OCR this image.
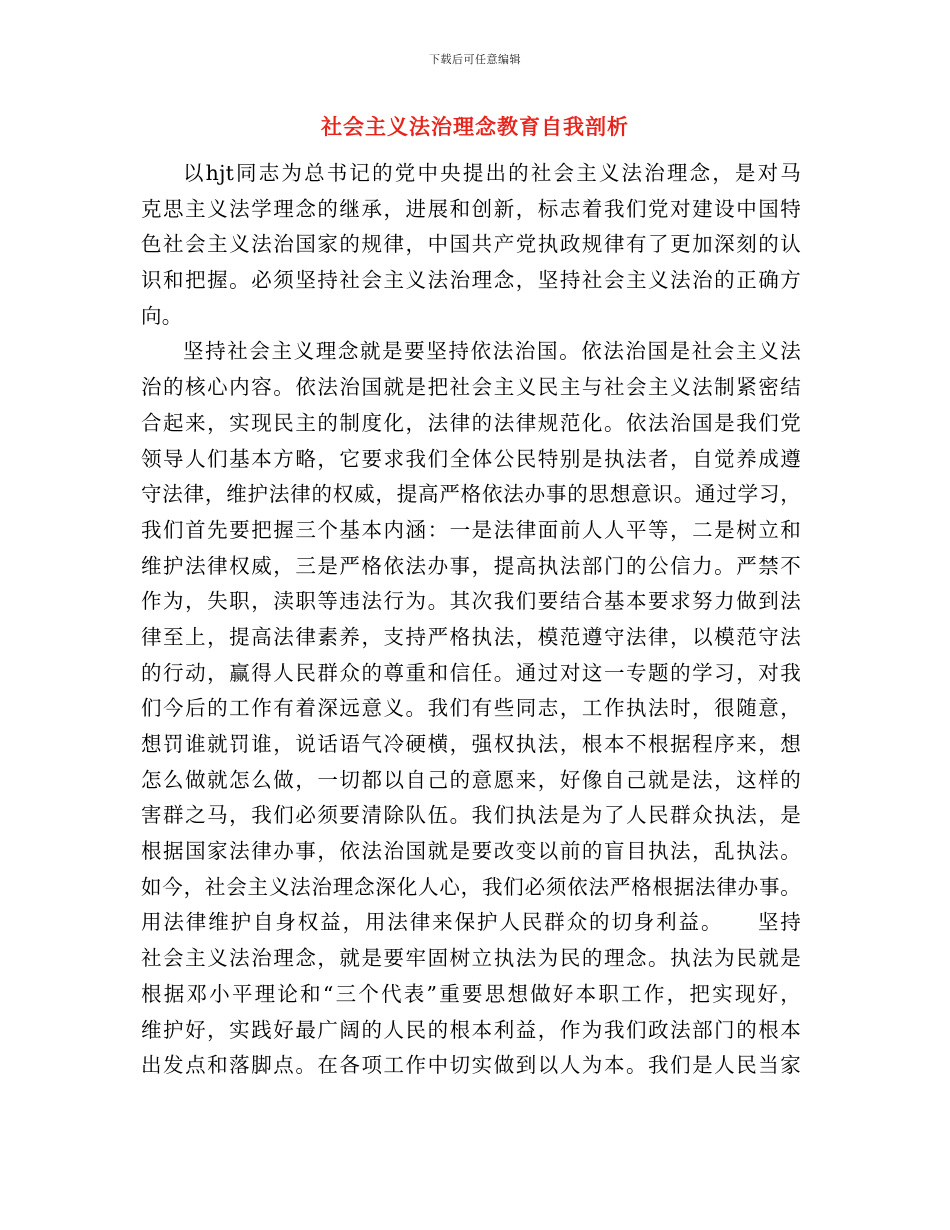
下载后可任意编辑
社会主义法治理念教育自我剖析
以hjt同志为总书记的党中央提出的社会主义法治理念，是对马
克思主义法学理念的继承，进展和创新，标志着我们党对建设中国特
色社会主义法治国家的规律，中国共产党执政规律有了更加深刻的认
识和把握。必须坚持社会主义法治理念，坚持社会主义法治的正确方
向。
坚持社会主义理念就是要坚持依法治国。依法治国是社会主义法
治的核心内容。依法治国就是把社会主义民主与社会主义法制紧密结
合起来，实现民主的制度化，法律的法律规范化。依法治国是我们党
领导人们基本方略，它要求我们全体公民特别是执法者，自觉养成遵
守法律，维护法律的权威，提高严格依法办事的思想意识。通过学习，
我们首先要把握三个基本内涵：一是法律面前人人平等，二是树立和
维护法律权威，三是严格依法办事，提高执法部门的公信力。严禁不
作为，失职，渎职等违法行为。其次我们要结合基本要求努力做到法
律至上，提高法律素养，支持严格执法，模范遵守法律，以模范守法
的行动，赢得人民群众的尊重和信任。通过对这一专题的学习，对我
们今后的工作有着深远意义。我们有些同志，工作执法时，很随意，
想罚谁就罚谁，说话语气冷硬横，强权执法，根本不根据程序来，想
怎么做就怎么做，一切都以自己的意愿来，好像自己就是法，这样的
害群之马，我们必须要清除队伍。我们执法是为了人民群众执法，是
根据国家法律办事，依法治国就是要改变以前的盲目执法，乱执法。
如今，社会主义法治理念深化人心，我们必须依法严格根据法律办事。
用法律维护自身权益，用法律来保护人民群众的切身利益。　　坚持
社会主义法治理念，就是要牢固树立执法为民的理念。执法为民就是
根据邓小平理论和“三个代表”重要思想做好本职工作，把实现好，
维护好，实践好最广阔的人民的根本利益，作为我们政法部门的根本
出发点和落脚点。在各项工作中切实做到以人为本。我们是人民当家
